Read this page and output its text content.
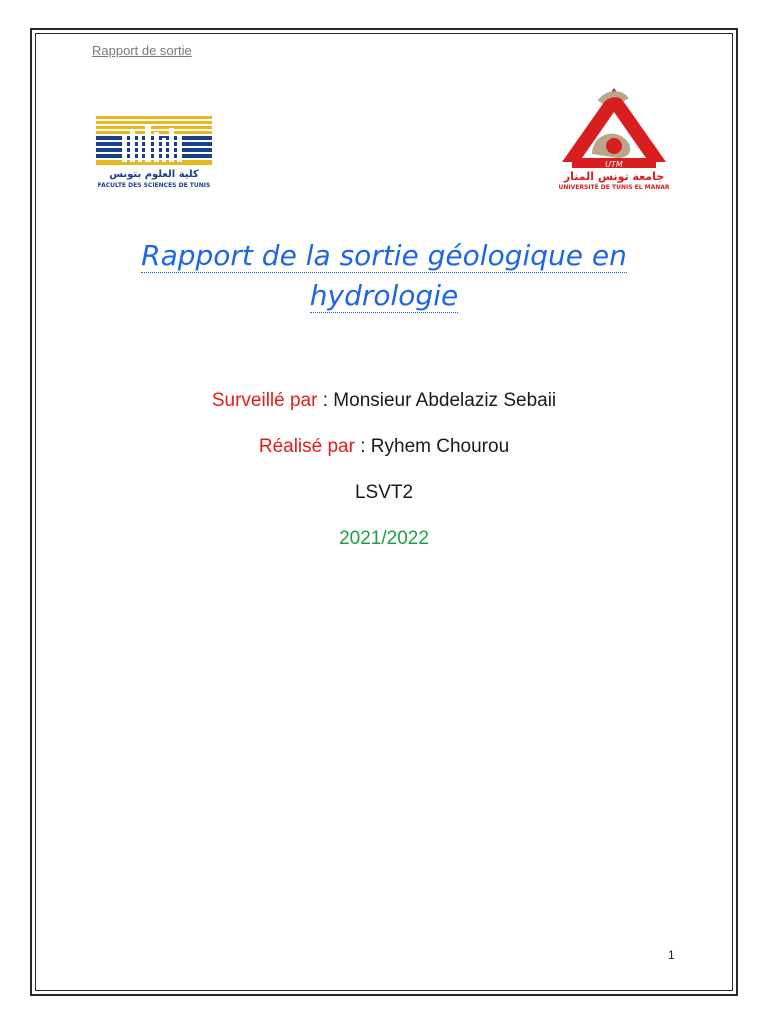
Rapport de sortie
كلية العلوم بتونس
FACULTE DES SCIENCES DE TUNIS
UTM
جامعة تونس المنار
UNIVERSITÉ DE TUNIS EL MANAR
Rapport de la sortie géologique en
hydrologie
Surveillé par : Monsieur Abdelaziz Sebaii
Réalisé par : Ryhem Chourou
LSVT2
2021/2022
1
